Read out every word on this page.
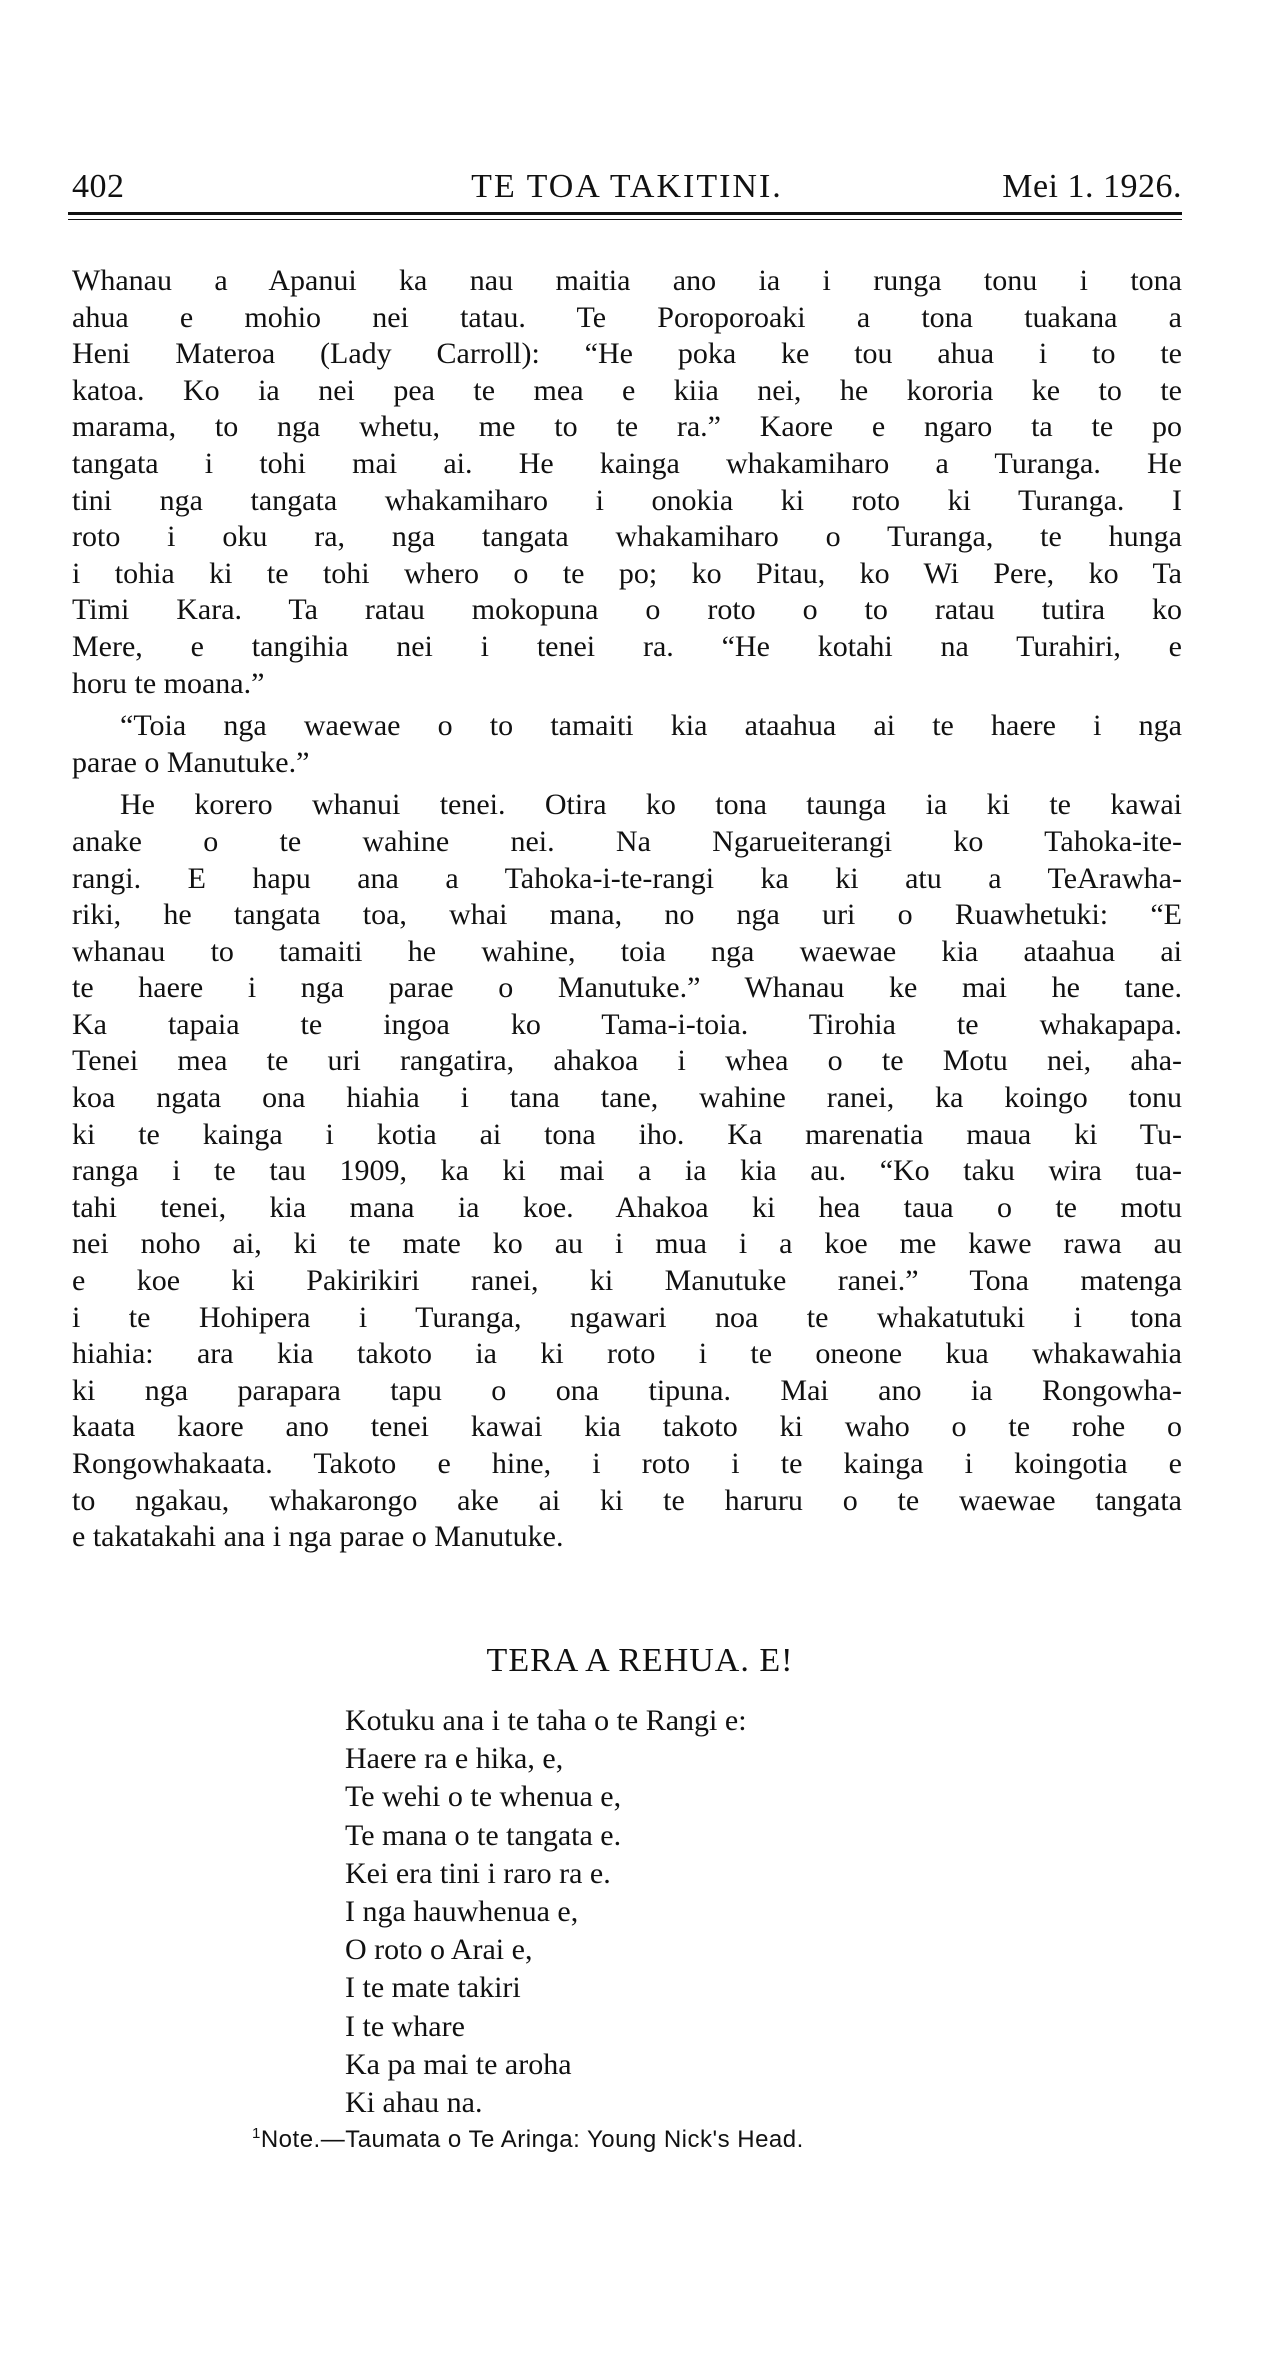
402	TE TOA TAKITINI.	Mei 1. 1926.
Whanau a Apanui ka nau maitia ano ia i runga tonu i tona
ahua e mohio nei tatau. Te Poroporoaki a tona tuakana a
Heni Materoa (Lady Carroll): “He poka ke tou ahua i to te
katoa. Ko ia nei pea te mea e kiia nei, he kororia ke to te
marama, to nga whetu, me to te ra.” Kaore e ngaro ta te po
tangata i tohi mai ai. He kainga whakamiharo a Turanga. He
tini nga tangata whakamiharo i onokia ki roto ki Turanga. I
roto i oku ra, nga tangata whakamiharo o Turanga, te hunga
i tohia ki te tohi whero o te po; ko Pitau, ko Wi Pere, ko Ta
Timi Kara. Ta ratau mokopuna o roto o to ratau tutira ko
Mere, e tangihia nei i tenei ra. “He kotahi na Turahiri, e
horu te moana.”
“Toia nga waewae o to tamaiti kia ataahua ai te haere i nga
parae o Manutuke.”
He korero whanui tenei. Otira ko tona taunga ia ki te kawai
anake o te wahine nei. Na Ngarueiterangi ko Tahoka-ite-
rangi. E hapu ana a Tahoka-i-te-rangi ka ki atu a TeArawha-
riki, he tangata toa, whai mana, no nga uri o Ruawhetuki: “E
whanau to tamaiti he wahine, toia nga waewae kia ataahua ai
te haere i nga parae o Manutuke.” Whanau ke mai he tane.
Ka tapaia te ingoa ko Tama-i-toia. Tirohia te whakapapa.
Tenei mea te uri rangatira, ahakoa i whea o te Motu nei, aha-
koa ngata ona hiahia i tana tane, wahine ranei, ka koingo tonu
ki te kainga i kotia ai tona iho. Ka marenatia maua ki Tu-
ranga i te tau 1909, ka ki mai a ia kia au. “Ko taku wira tua-
tahi tenei, kia mana ia koe. Ahakoa ki hea taua o te motu
nei noho ai, ki te mate ko au i mua i a koe me kawe rawa au
e koe ki Pakirikiri ranei, ki Manutuke ranei.” Tona matenga
i te Hohipera i Turanga, ngawari noa te whakatutuki i tona
hiahia: ara kia takoto ia ki roto i te oneone kua whakawahia
ki nga parapara tapu o ona tipuna. Mai ano ia Rongowha-
kaata kaore ano tenei kawai kia takoto ki waho o te rohe o
Rongowhakaata. Takoto e hine, i roto i te kainga i koingotia e
to ngakau, whakarongo ake ai ki te haruru o te waewae tangata
e takatakahi ana i nga parae o Manutuke.
TERA A REHUA. E!
Kotuku ana i te taha o te Rangi e:
Haere ra e hika, e,
Te wehi o te whenua e,
Te mana o te tangata e.
Kei era tini i raro ra e.
I nga hauwhenua e,
O roto o Arai e,
I te mate takiri
I te whare
Ka pa mai te aroha
Ki ahau na.
$^1$Note.—Taumata o Te Aringa: Young Nick's Head.
